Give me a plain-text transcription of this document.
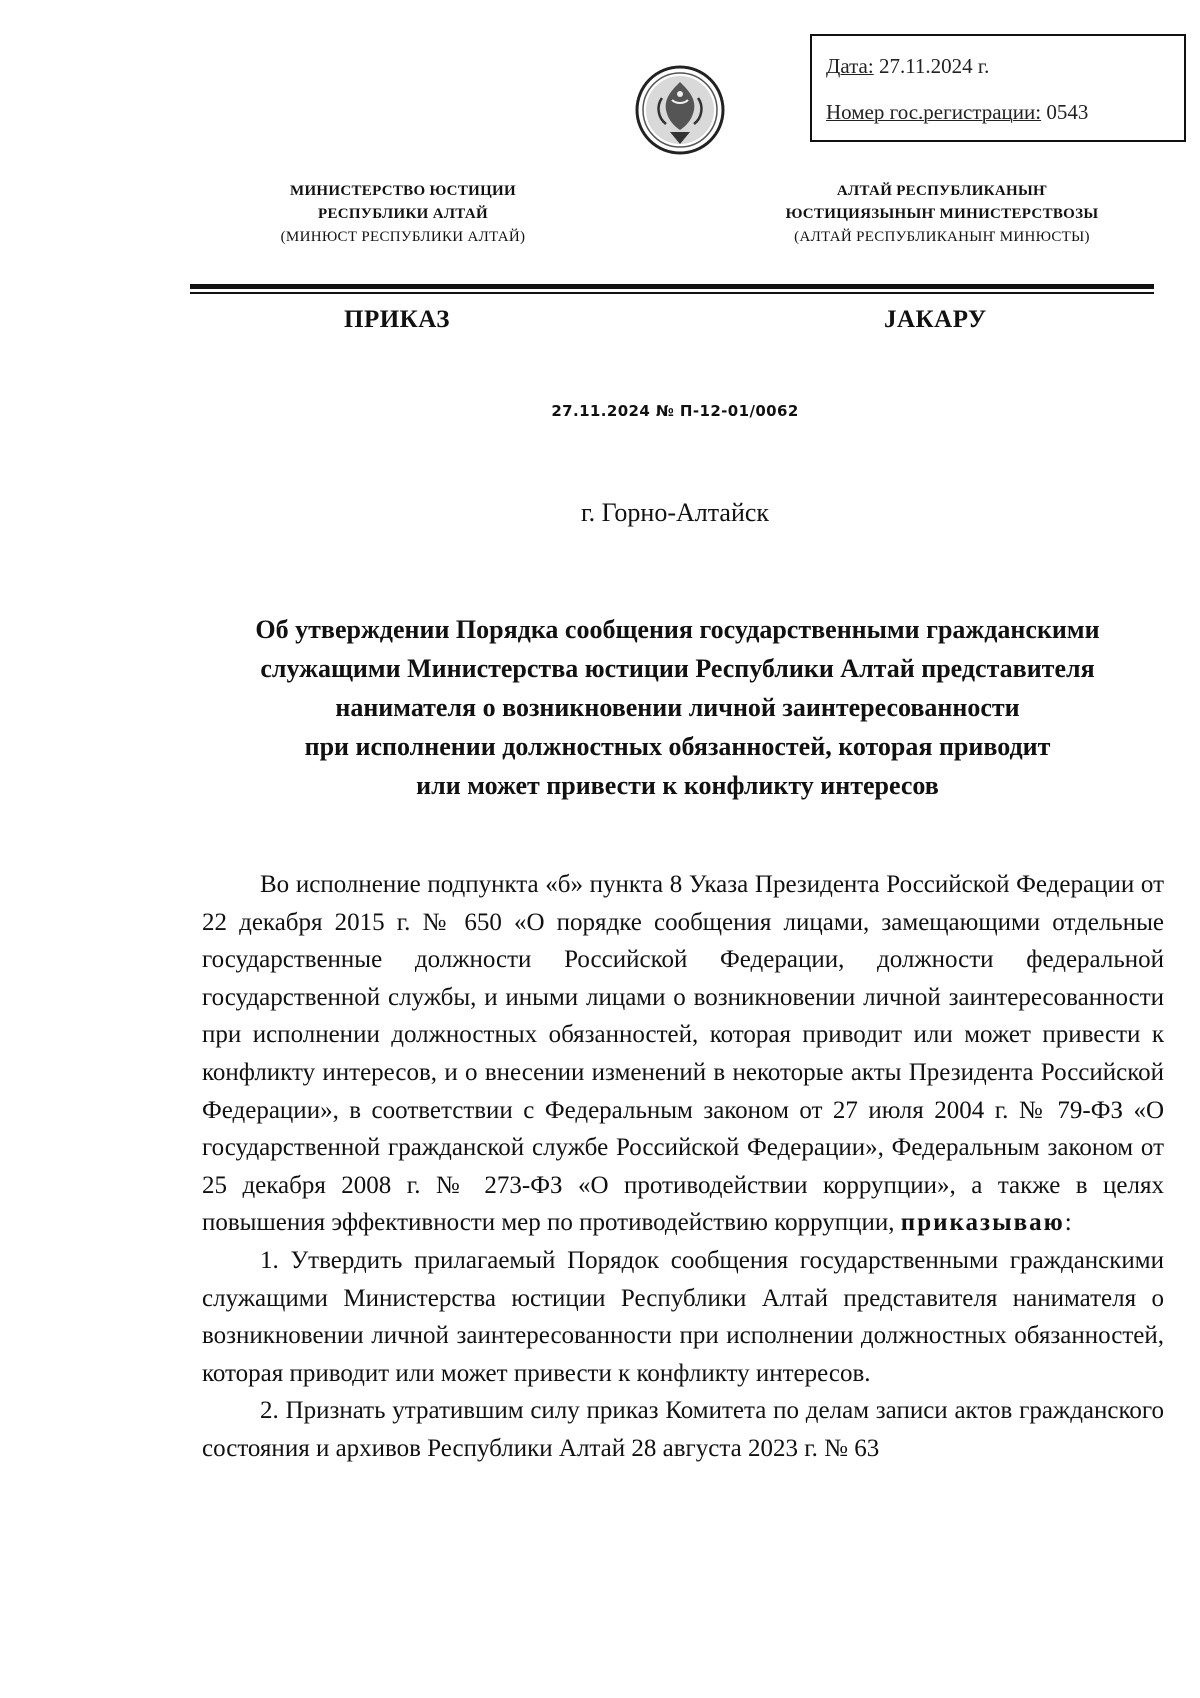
Дата: 27.11.2024 г.
Номер гос.регистрации: 0543
МИНИСТЕРСТВО ЮСТИЦИИ
РЕСПУБЛИКИ АЛТАЙ
(МИНЮСТ РЕСПУБЛИКИ АЛТАЙ)
АЛТАЙ РЕСПУБЛИКАНЫҤ
ЮСТИЦИЯЗЫНЫҤ МИНИСТЕРСТВОЗЫ
(АЛТАЙ РЕСПУБЛИКАНЫҤ МИНЮСТЫ)
ПРИКАЗ	JАКАРУ
27.11.2024 № П-12-01/0062
г. Горно-Алтайск
Об утверждении Порядка сообщения государственными гражданскими
служащими Министерства юстиции Республики Алтай представителя
нанимателя о возникновении личной заинтересованности
при исполнении должностных обязанностей, которая приводит
или может привести к конфликту интересов

Во исполнение подпункта «б» пункта 8 Указа Президента Российской Федерации от 22 декабря 2015 г. № 650 «О порядке сообщения лицами, замещающими отдельные государственные должности Российской Федерации, должности федеральной государственной службы, и иными лицами о возникновении личной заинтересованности при исполнении должностных обязанностей, которая приводит или может привести к конфликту интересов, и о внесении изменений в некоторые акты Президента Российской Федерации», в соответствии с Федеральным законом от 27 июля 2004 г. № 79-ФЗ «О государственной гражданской службе Российской Федерации», Федеральным законом от 25 декабря 2008 г. № 273-ФЗ «О противодействии коррупции», а также в целях повышения эффективности мер по противодействию коррупции, приказываю:

1. Утвердить прилагаемый Порядок сообщения государственными гражданскими служащими Министерства юстиции Республики Алтай представителя нанимателя о возникновении личной заинтересованности при исполнении должностных обязанностей, которая приводит или может привести к конфликту интересов.

2. Признать утратившим силу приказ Комитета по делам записи актов гражданского состояния и архивов Республики Алтай 28 августа 2023 г. № 63
